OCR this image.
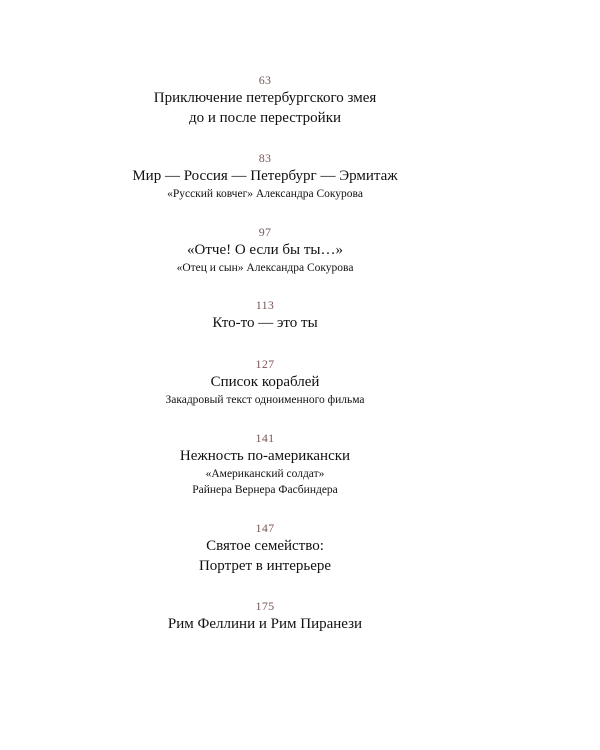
63
Приключение петербургского змея
до и после перестройки
83
Мир — Россия — Петербург — Эрмитаж
«Русский ковчег» Александра Сокурова
97
«Отче! О если бы ты…»
«Отец и сын» Александра Сокурова
113
Кто-то — это ты
127
Список кораблей
Закадровый текст одноименного фильма
141
Нежность по-американски
«Американский солдат»
Райнера Вернера Фасбиндера
147
Святое семейство:
Портрет в интерьере
175
Рим Феллини и Рим Пиранези
